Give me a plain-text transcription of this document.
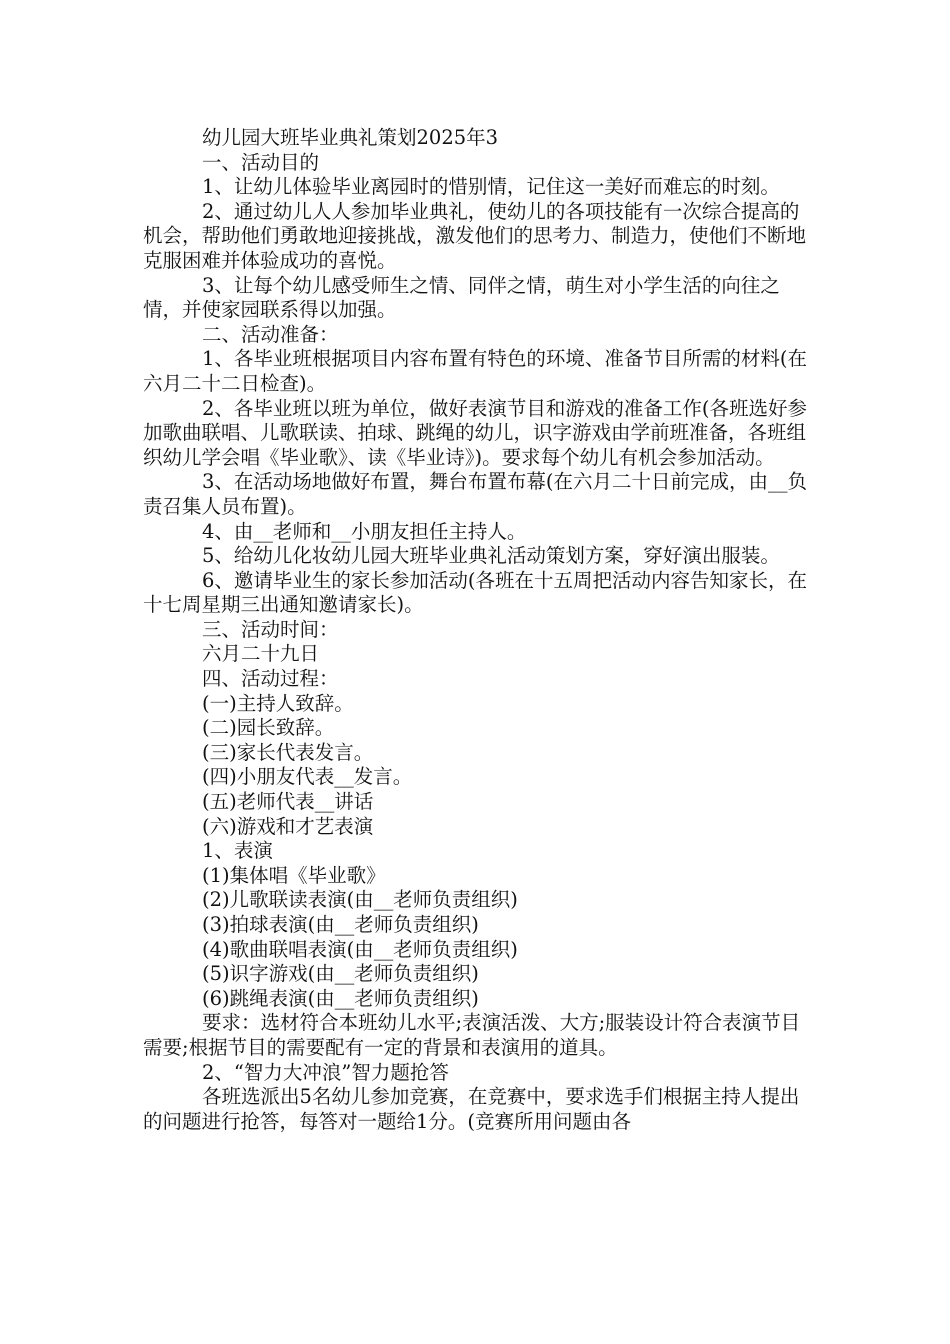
幼儿园大班毕业典礼策划2025年3

一、活动目的

1、让幼儿体验毕业离园时的惜别情，记住这一美好而难忘的时刻。

2、通过幼儿人人参加毕业典礼，使幼儿的各项技能有一次综合提高的机会，帮助他们勇敢地迎接挑战，激发他们的思考力、制造力，使他们不断地克服困难并体验成功的喜悦。

3、让每个幼儿感受师生之情、同伴之情，萌生对小学生活的向往之情，并使家园联系得以加强。

二、活动准备：

1、各毕业班根据项目内容布置有特色的环境、准备节目所需的材料(在六月二十二日检查)。

2、各毕业班以班为单位，做好表演节目和游戏的准备工作(各班选好参加歌曲联唱、儿歌联读、拍球、跳绳的幼儿，识字游戏由学前班准备，各班组织幼儿学会唱《毕业歌》、读《毕业诗》)。要求每个幼儿有机会参加活动。

3、在活动场地做好布置，舞台布置布幕(在六月二十日前完成，由__负责召集人员布置)。

4、由__老师和__小朋友担任主持人。

5、给幼儿化妆幼儿园大班毕业典礼活动策划方案，穿好演出服装。

6、邀请毕业生的家长参加活动(各班在十五周把活动内容告知家长，在十七周星期三出通知邀请家长)。

三、活动时间：

六月二十九日

四、活动过程：

(一)主持人致辞。

(二)园长致辞。

(三)家长代表发言。

(四)小朋友代表__发言。

(五)老师代表__讲话

(六)游戏和才艺表演

1、表演

(1)集体唱《毕业歌》

(2)儿歌联读表演(由__老师负责组织)

(3)拍球表演(由__老师负责组织)

(4)歌曲联唱表演(由__老师负责组织)

(5)识字游戏(由__老师负责组织)

(6)跳绳表演(由__老师负责组织)

要求：选材符合本班幼儿水平;表演活泼、大方;服装设计符合表演节目需要;根据节目的需要配有一定的背景和表演用的道具。

2、“智力大冲浪”智力题抢答

各班选派出5名幼儿参加竞赛，在竞赛中，要求选手们根据主持人提出的问题进行抢答，每答对一题给1分。(竞赛所用问题由各
